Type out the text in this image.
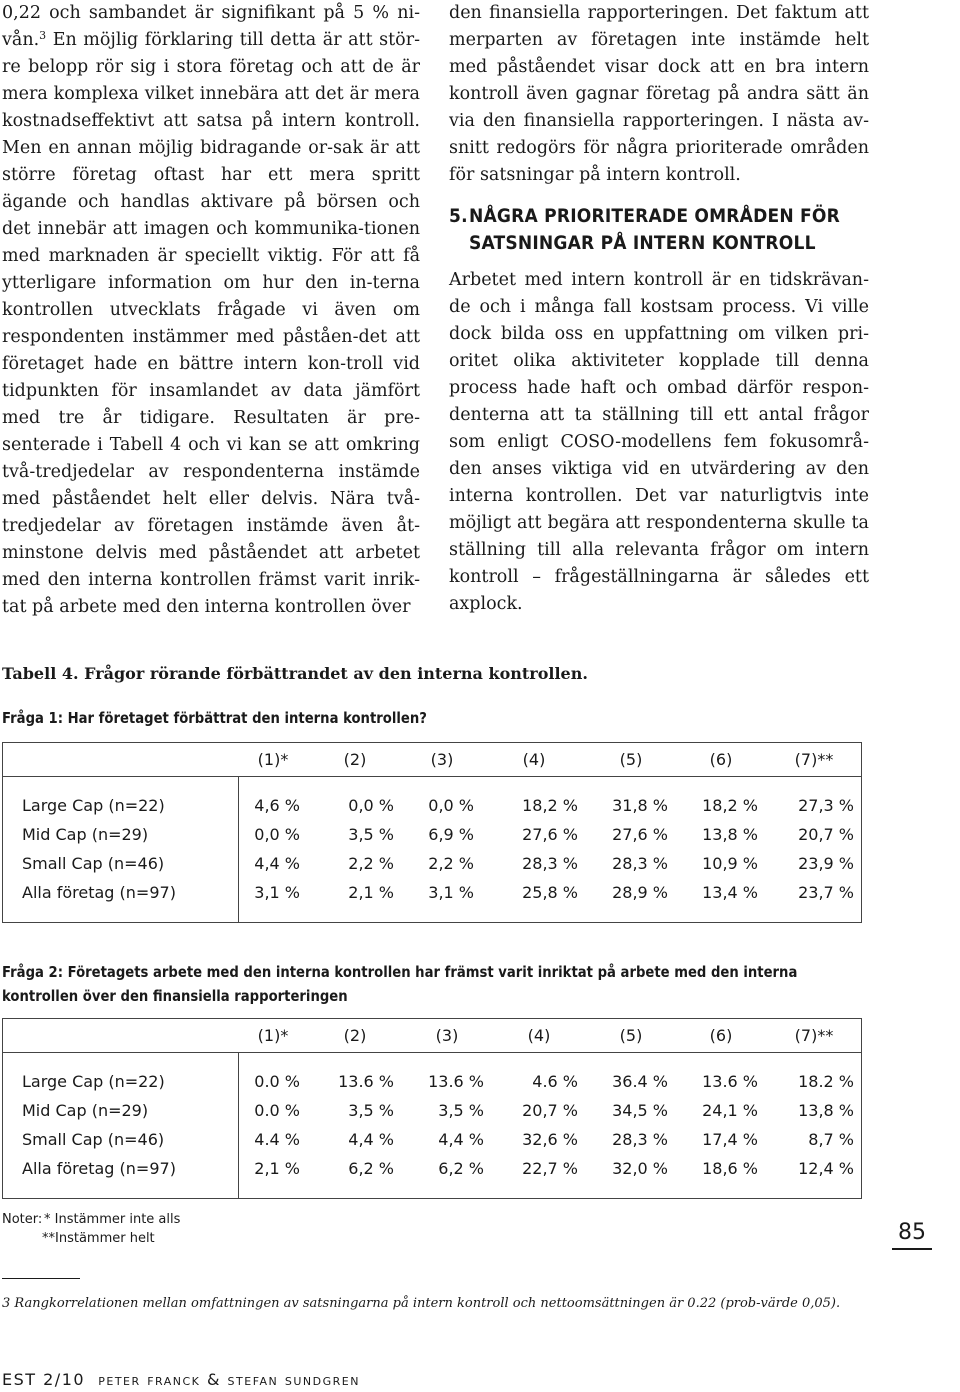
0,22 och sambandet är signifikant på 5 % ni-vån.$^3$ En möjlig förklaring till detta är att stör-re belopp rör sig i stora företag och att de är mera komplexa vilket innebära att det är mera kostnadseffektivt att satsa på intern kontroll. Men en annan möjlig bidragande or-sak är att större företag oftast har ett mera spritt ägande och handlas aktivare på börsen och det innebär att imagen och kommunika-tionen med marknaden är speciellt viktig. För att få ytterligare information om hur den in-terna kontrollen utvecklats frågade vi även om respondenten instämmer med påståen-det att företaget hade en bättre intern kon-troll vid tidpunkten för insamlandet av data jämfört med tre år tidigare. Resultaten är pre-senterade i Tabell 4 och vi kan se att omkring två-tredjedelar av respondenterna instämde med påståendet helt eller delvis. Nära två-tredjedelar av företagen instämde även åt-minstone delvis med påståendet att arbetet med den interna kontrollen främst varit inrik-tat på arbete med den interna kontrollen över

den finansiella rapporteringen. Det faktum att merparten av företagen inte instämde helt med påståendet visar dock att en bra intern kontroll även gagnar företag på andra sätt än via den finansiella rapporteringen. I nästa av-snitt redogörs för några prioriterade områden för satsningar på intern kontroll.

5.NÅGRA PRIORITERADE OMRÅDEN FÖR
SATSNINGAR PÅ INTERN KONTROLL

Arbetet med intern kontroll är en tidskrävan-de och i många fall kostsam process. Vi ville dock bilda oss en uppfattning om vilken pri-oritet olika aktiviteter kopplade till denna process hade haft och ombad därför respon-denterna att ta ställning till ett antal frågor som enligt COSO-modellens fem fokusområ-den anses viktiga vid en utvärdering av den interna kontrollen. Det var naturligtvis inte möjligt att begära att respondenterna skulle ta ställning till alla relevanta frågor om intern kontroll – frågeställningarna är således ett axplock.

Tabell 4. Frågor rörande förbättrandet av den interna kontrollen.
Fråga 1: Har företaget förbättrat den interna kontrollen?
	(1)*	(2)	(3)	(4)	(5)	(6)	(7)**

Large Cap (n=22)	4,6 %	0,0 %	0,0 %	18,2 %	31,8 %	18,2 %	27,3 %
Mid Cap (n=29)	0,0 %	3,5 %	6,9 %	27,6 %	27,6 %	13,8 %	20,7 %
Small Cap (n=46)	4,4 %	2,2 %	2,2 %	28,3 %	28,3 %	10,9 %	23,9 %
Alla företag (n=97)	3,1 %	2,1 %	3,1 %	25,8 %	28,9 %	13,4 %	23,7 %

Fråga 2: Företagets arbete med den interna kontrollen har främst varit inriktat på arbete med den interna kontrollen över den finansiella rapporteringen
	(1)*	(2)	(3)	(4)	(5)	(6)	(7)**

Large Cap (n=22)	0.0 %	13.6 %	13.6 %	4.6 %	36.4 %	13.6 %	18.2 %
Mid Cap (n=29)	0.0 %	3,5 %	3,5 %	20,7 %	34,5 %	24,1 %	13,8 %
Small Cap (n=46)	4.4 %	4,4 %	4,4 %	32,6 %	28,3 %	17,4 %	8,7 %
Alla företag (n=97)	2,1 %	6,2 %	6,2 %	22,7 %	32,0 %	18,6 %	12,4 %

Noter: * Instämmer inte alls
**Instämmer helt	85
3 Rangkorrelationen mellan omfattningen av satsningarna på intern kontroll och nettoomsättningen är 0.22 (prob-värde 0,05).
EST 2/10 peter franck & stefan sundgren
